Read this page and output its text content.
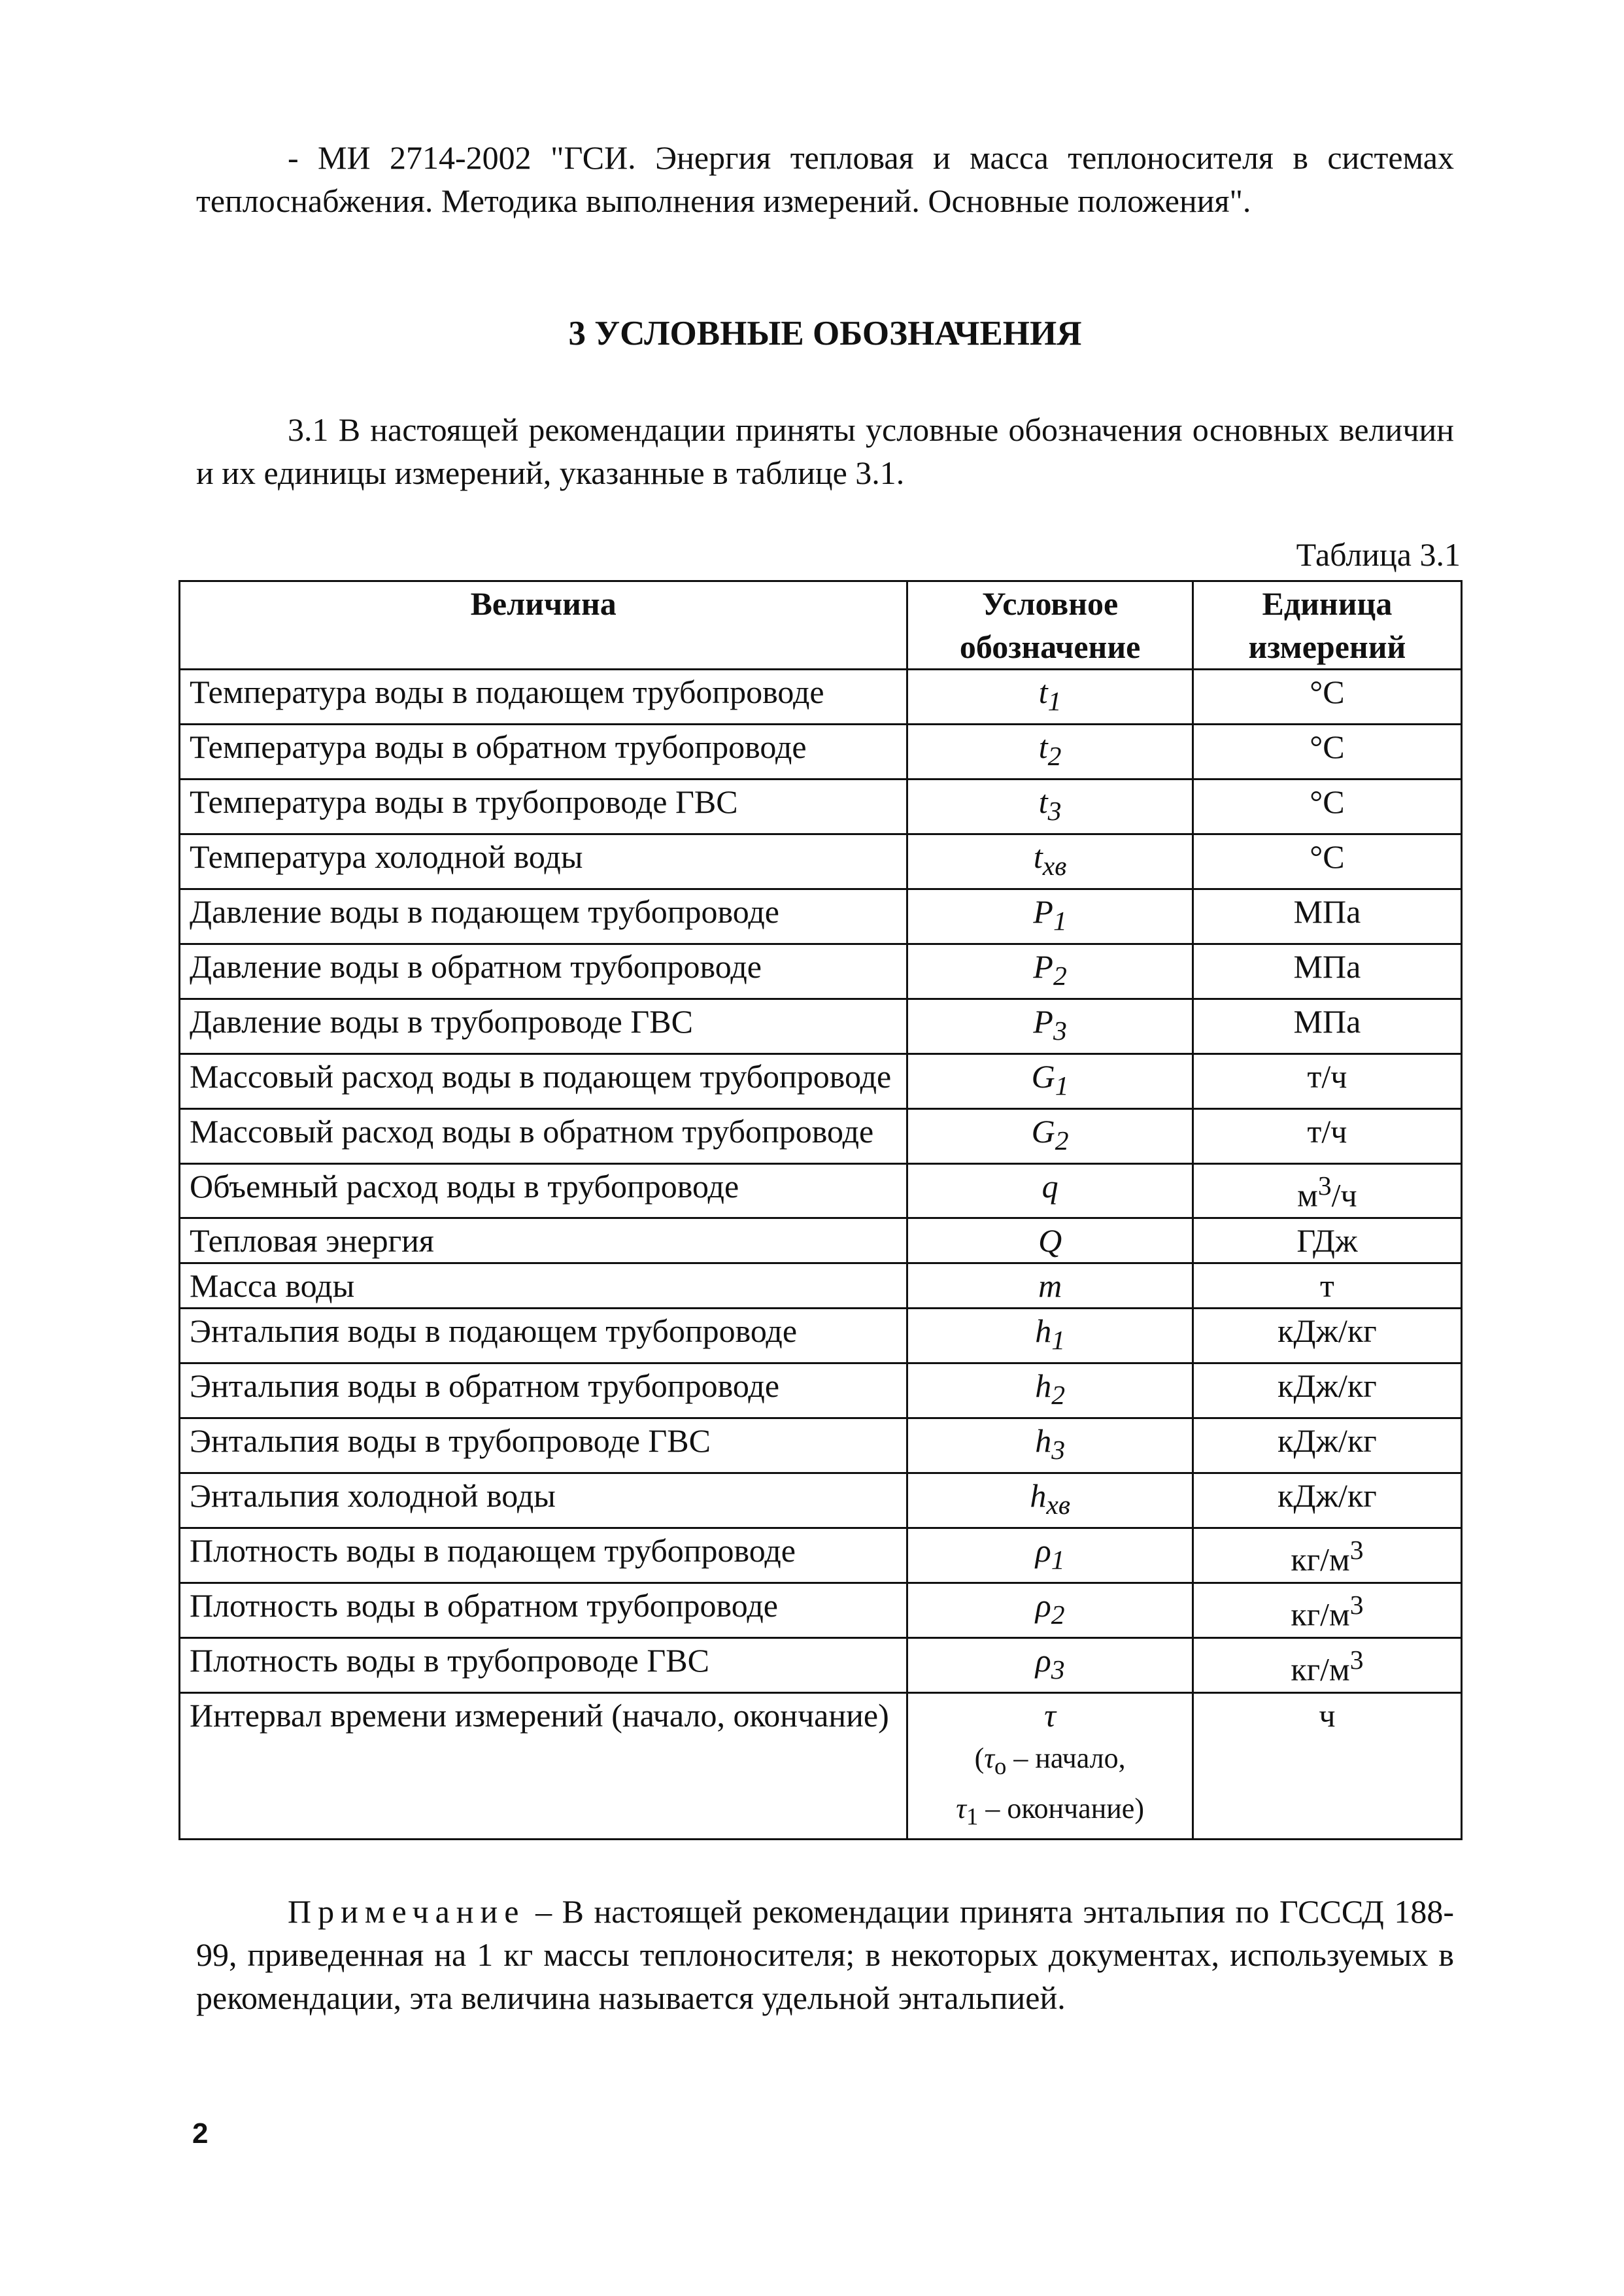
- МИ 2714-2002 "ГСИ. Энергия тепловая и масса теплоносителя в системах теплоснабжения. Методика выполнения измерений. Основные положения".

3 УСЛОВНЫЕ ОБОЗНАЧЕНИЯ

3.1 В настоящей рекомендации приняты условные обозначения основных величин и их единицы измерений, указанные в таблице 3.1.

Таблица 3.1
Величина	Условное обозначение	Единица измерений
Температура воды в подающем трубопроводе	$t_1$	°C
Температура воды в обратном трубопроводе	$t_2$	°C
Температура воды в трубопроводе ГВС	$t_3$	°C
Температура холодной воды	$t_{хв}$	°C
Давление воды в подающем трубопроводе	$P_1$	МПа
Давление воды в обратном трубопроводе	$P_2$	МПа
Давление воды в трубопроводе ГВС	$P_3$	МПа
Массовый расход воды в подающем трубопроводе	$G_1$	т/ч
Массовый расход воды в обратном трубопроводе	$G_2$	т/ч
Объемный расход воды в трубопроводе	q	$м^3/ч$
Тепловая энергия	Q	ГДж
Масса воды	m	т
Энтальпия воды в подающем трубопроводе	$h_1$	кДж/кг
Энтальпия воды в обратном трубопроводе	$h_2$	кДж/кг
Энтальпия воды в трубопроводе ГВС	$h_3$	кДж/кг
Энтальпия холодной воды	$h_{хв}$	кДж/кг
Плотность воды в подающем трубопроводе	$\rho_1$	$кг/м^3$
Плотность воды в обратном трубопроводе	$\rho_2$	$кг/м^3$
Плотность воды в трубопроводе ГВС	$\rho_3$	$кг/м^3$
Интервал времени измерений (начало, окончание)	τ
($\tau_o$ – начало,
$\tau_1$ – окончание)	ч

Примечание – В настоящей рекомендации принята энтальпия по ГСССД 188-99, приведенная на 1 кг массы теплоносителя; в некоторых документах, используемых в рекомендации, эта величина называется удельной энтальпией.

2
